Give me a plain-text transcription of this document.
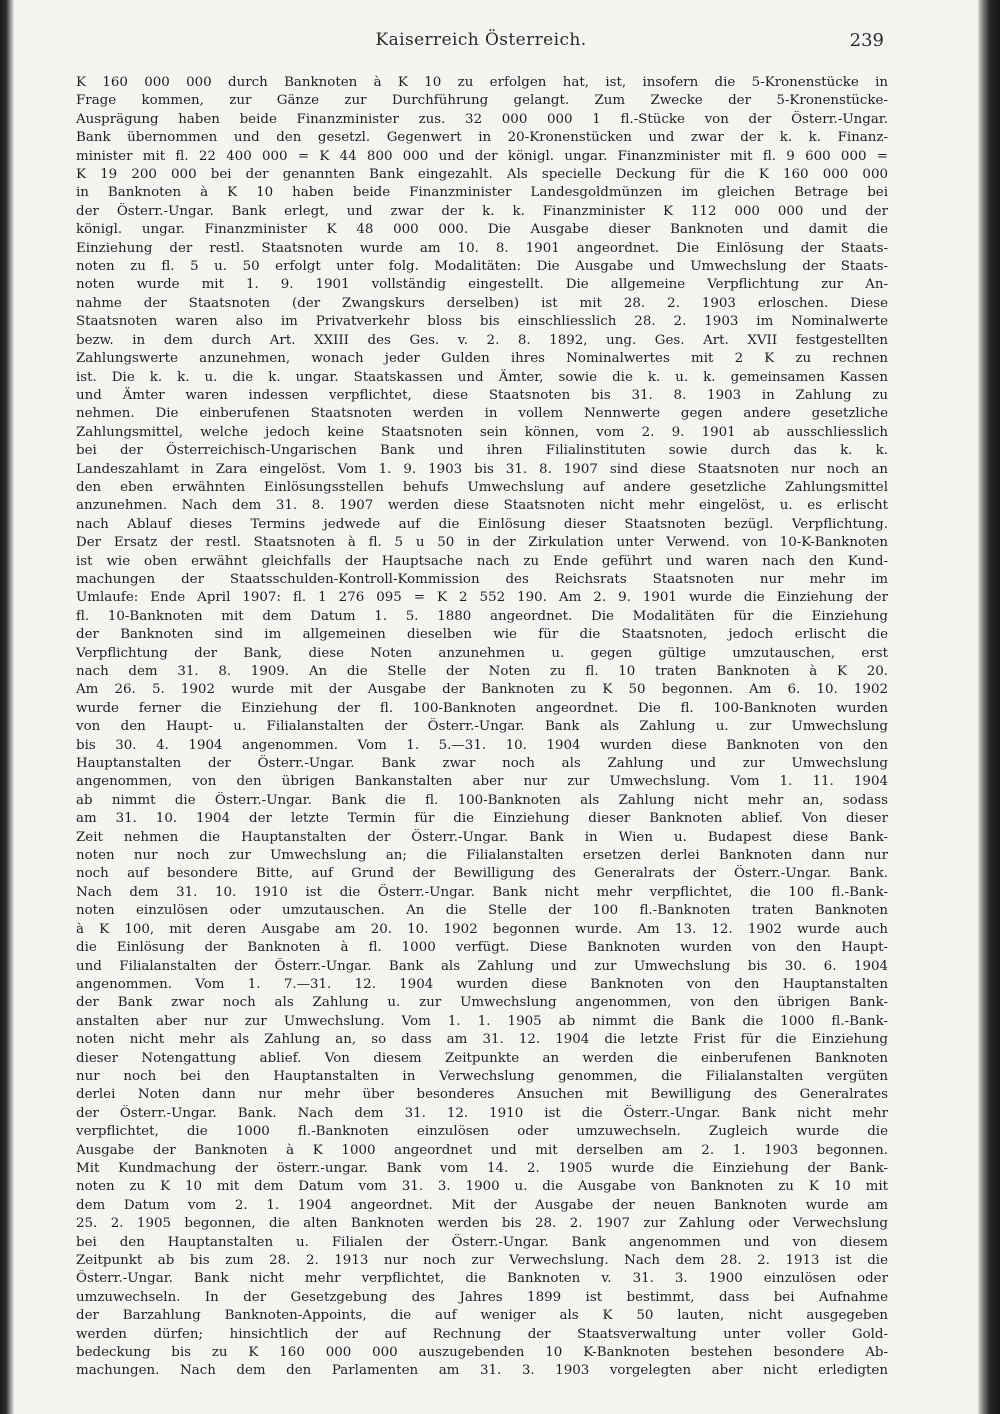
Kaiserreich Österreich.	239
K 160 000 000 durch Banknoten à K 10 zu erfolgen hat, ist, insofern die 5-Kronenstücke in
Frage kommen, zur Gänze zur Durchführung gelangt. Zum Zwecke der 5-Kronenstücke-
Ausprägung haben beide Finanzminister zus. 32 000 000 1 fl.-Stücke von der Österr.-Ungar.
Bank übernommen und den gesetzl. Gegenwert in 20-Kronenstücken und zwar der k. k. Finanz-
minister mit fl. 22 400 000 = K 44 800 000 und der königl. ungar. Finanzminister mit fl. 9 600 000 =
K 19 200 000 bei der genannten Bank eingezahlt. Als specielle Deckung für die K 160 000 000
in Banknoten à K 10 haben beide Finanzminister Landesgoldmünzen im gleichen Betrage bei
der Österr.-Ungar. Bank erlegt, und zwar der k. k. Finanzminister K 112 000 000 und der
königl. ungar. Finanzminister K 48 000 000. Die Ausgabe dieser Banknoten und damit die
Einziehung der restl. Staatsnoten wurde am 10. 8. 1901 angeordnet. Die Einlösung der Staats-
noten zu fl. 5 u. 50 erfolgt unter folg. Modalitäten: Die Ausgabe und Umwechslung der Staats-
noten wurde mit 1. 9. 1901 vollständig eingestellt. Die allgemeine Verpflichtung zur An-
nahme der Staatsnoten (der Zwangskurs derselben) ist mit 28. 2. 1903 erloschen. Diese
Staatsnoten waren also im Privatverkehr bloss bis einschliesslich 28. 2. 1903 im Nominalwerte
bezw. in dem durch Art. XXIII des Ges. v. 2. 8. 1892, ung. Ges. Art. XVII festgestellten
Zahlungswerte anzunehmen, wonach jeder Gulden ihres Nominalwertes mit 2 K zu rechnen
ist. Die k. k. u. die k. ungar. Staatskassen und Ämter, sowie die k. u. k. gemeinsamen Kassen
und Ämter waren indessen verpflichtet, diese Staatsnoten bis 31. 8. 1903 in Zahlung zu
nehmen. Die einberufenen Staatsnoten werden in vollem Nennwerte gegen andere gesetzliche
Zahlungsmittel, welche jedoch keine Staatsnoten sein können, vom 2. 9. 1901 ab ausschliesslich
bei der Österreichisch-Ungarischen Bank und ihren Filialinstituten sowie durch das k. k.
Landeszahlamt in Zara eingelöst. Vom 1. 9. 1903 bis 31. 8. 1907 sind diese Staatsnoten nur noch an
den eben erwähnten Einlösungsstellen behufs Umwechslung auf andere gesetzliche Zahlungsmittel
anzunehmen. Nach dem 31. 8. 1907 werden diese Staatsnoten nicht mehr eingelöst, u. es erlischt
nach Ablauf dieses Termins jedwede auf die Einlösung dieser Staatsnoten bezügl. Verpflichtung.
Der Ersatz der restl. Staatsnoten à fl. 5 u 50 in der Zirkulation unter Verwend. von 10-K-Banknoten
ist wie oben erwähnt gleichfalls der Hauptsache nach zu Ende geführt und waren nach den Kund-
machungen der Staatsschulden-Kontroll-Kommission des Reichsrats Staatsnoten nur mehr im
Umlaufe: Ende April 1907: fl. 1 276 095 = K 2 552 190. Am 2. 9. 1901 wurde die Einziehung der
fl. 10-Banknoten mit dem Datum 1. 5. 1880 angeordnet. Die Modalitäten für die Einziehung
der Banknoten sind im allgemeinen dieselben wie für die Staatsnoten, jedoch erlischt die
Verpflichtung der Bank, diese Noten anzunehmen u. gegen gültige umzutauschen, erst
nach dem 31. 8. 1909. An die Stelle der Noten zu fl. 10 traten Banknoten à K 20.
Am 26. 5. 1902 wurde mit der Ausgabe der Banknoten zu K 50 begonnen. Am 6. 10. 1902
wurde ferner die Einziehung der fl. 100-Banknoten angeordnet. Die fl. 100-Banknoten wurden
von den Haupt- u. Filialanstalten der Österr.-Ungar. Bank als Zahlung u. zur Umwechslung
bis 30. 4. 1904 angenommen. Vom 1. 5.—31. 10. 1904 wurden diese Banknoten von den
Hauptanstalten der Österr.-Ungar. Bank zwar noch als Zahlung und zur Umwechslung
angenommen, von den übrigen Bankanstalten aber nur zur Umwechslung. Vom 1. 11. 1904
ab nimmt die Österr.-Ungar. Bank die fl. 100-Banknoten als Zahlung nicht mehr an, sodass
am 31. 10. 1904 der letzte Termin für die Einziehung dieser Banknoten ablief. Von dieser
Zeit nehmen die Hauptanstalten der Österr.-Ungar. Bank in Wien u. Budapest diese Bank-
noten nur noch zur Umwechslung an; die Filialanstalten ersetzen derlei Banknoten dann nur
noch auf besondere Bitte, auf Grund der Bewilligung des Generalrats der Österr.-Ungar. Bank.
Nach dem 31. 10. 1910 ist die Österr.-Ungar. Bank nicht mehr verpflichtet, die 100 fl.-Bank-
noten einzulösen oder umzutauschen. An die Stelle der 100 fl.-Banknoten traten Banknoten
à K 100, mit deren Ausgabe am 20. 10. 1902 begonnen wurde. Am 13. 12. 1902 wurde auch
die Einlösung der Banknoten à fl. 1000 verfügt. Diese Banknoten wurden von den Haupt-
und Filialanstalten der Österr.-Ungar. Bank als Zahlung und zur Umwechslung bis 30. 6. 1904
angenommen. Vom 1. 7.—31. 12. 1904 wurden diese Banknoten von den Hauptanstalten
der Bank zwar noch als Zahlung u. zur Umwechslung angenommen, von den übrigen Bank-
anstalten aber nur zur Umwechslung. Vom 1. 1. 1905 ab nimmt die Bank die 1000 fl.-Bank-
noten nicht mehr als Zahlung an, so dass am 31. 12. 1904 die letzte Frist für die Einziehung
dieser Notengattung ablief. Von diesem Zeitpunkte an werden die einberufenen Banknoten
nur noch bei den Hauptanstalten in Verwechslung genommen, die Filialanstalten vergüten
derlei Noten dann nur mehr über besonderes Ansuchen mit Bewilligung des Generalrates
der Österr.-Ungar. Bank. Nach dem 31. 12. 1910 ist die Österr.-Ungar. Bank nicht mehr
verpflichtet, die 1000 fl.-Banknoten einzulösen oder umzuwechseln. Zugleich wurde die
Ausgabe der Banknoten à K 1000 angeordnet und mit derselben am 2. 1. 1903 begonnen.
Mit Kundmachung der österr.-ungar. Bank vom 14. 2. 1905 wurde die Einziehung der Bank-
noten zu K 10 mit dem Datum vom 31. 3. 1900 u. die Ausgabe von Banknoten zu K 10 mit
dem Datum vom 2. 1. 1904 angeordnet. Mit der Ausgabe der neuen Banknoten wurde am
25. 2. 1905 begonnen, die alten Banknoten werden bis 28. 2. 1907 zur Zahlung oder Verwechslung
bei den Hauptanstalten u. Filialen der Österr.-Ungar. Bank angenommen und von diesem
Zeitpunkt ab bis zum 28. 2. 1913 nur noch zur Verwechslung. Nach dem 28. 2. 1913 ist die
Österr.-Ungar. Bank nicht mehr verpflichtet, die Banknoten v. 31. 3. 1900 einzulösen oder
umzuwechseln. In der Gesetzgebung des Jahres 1899 ist bestimmt, dass bei Aufnahme
der Barzahlung Banknoten-Appoints, die auf weniger als K 50 lauten, nicht ausgegeben
werden dürfen; hinsichtlich der auf Rechnung der Staatsverwaltung unter voller Gold-
bedeckung bis zu K 160 000 000 auszugebenden 10 K-Banknoten bestehen besondere Ab-
machungen. Nach dem den Parlamenten am 31. 3. 1903 vorgelegten aber nicht erledigten
